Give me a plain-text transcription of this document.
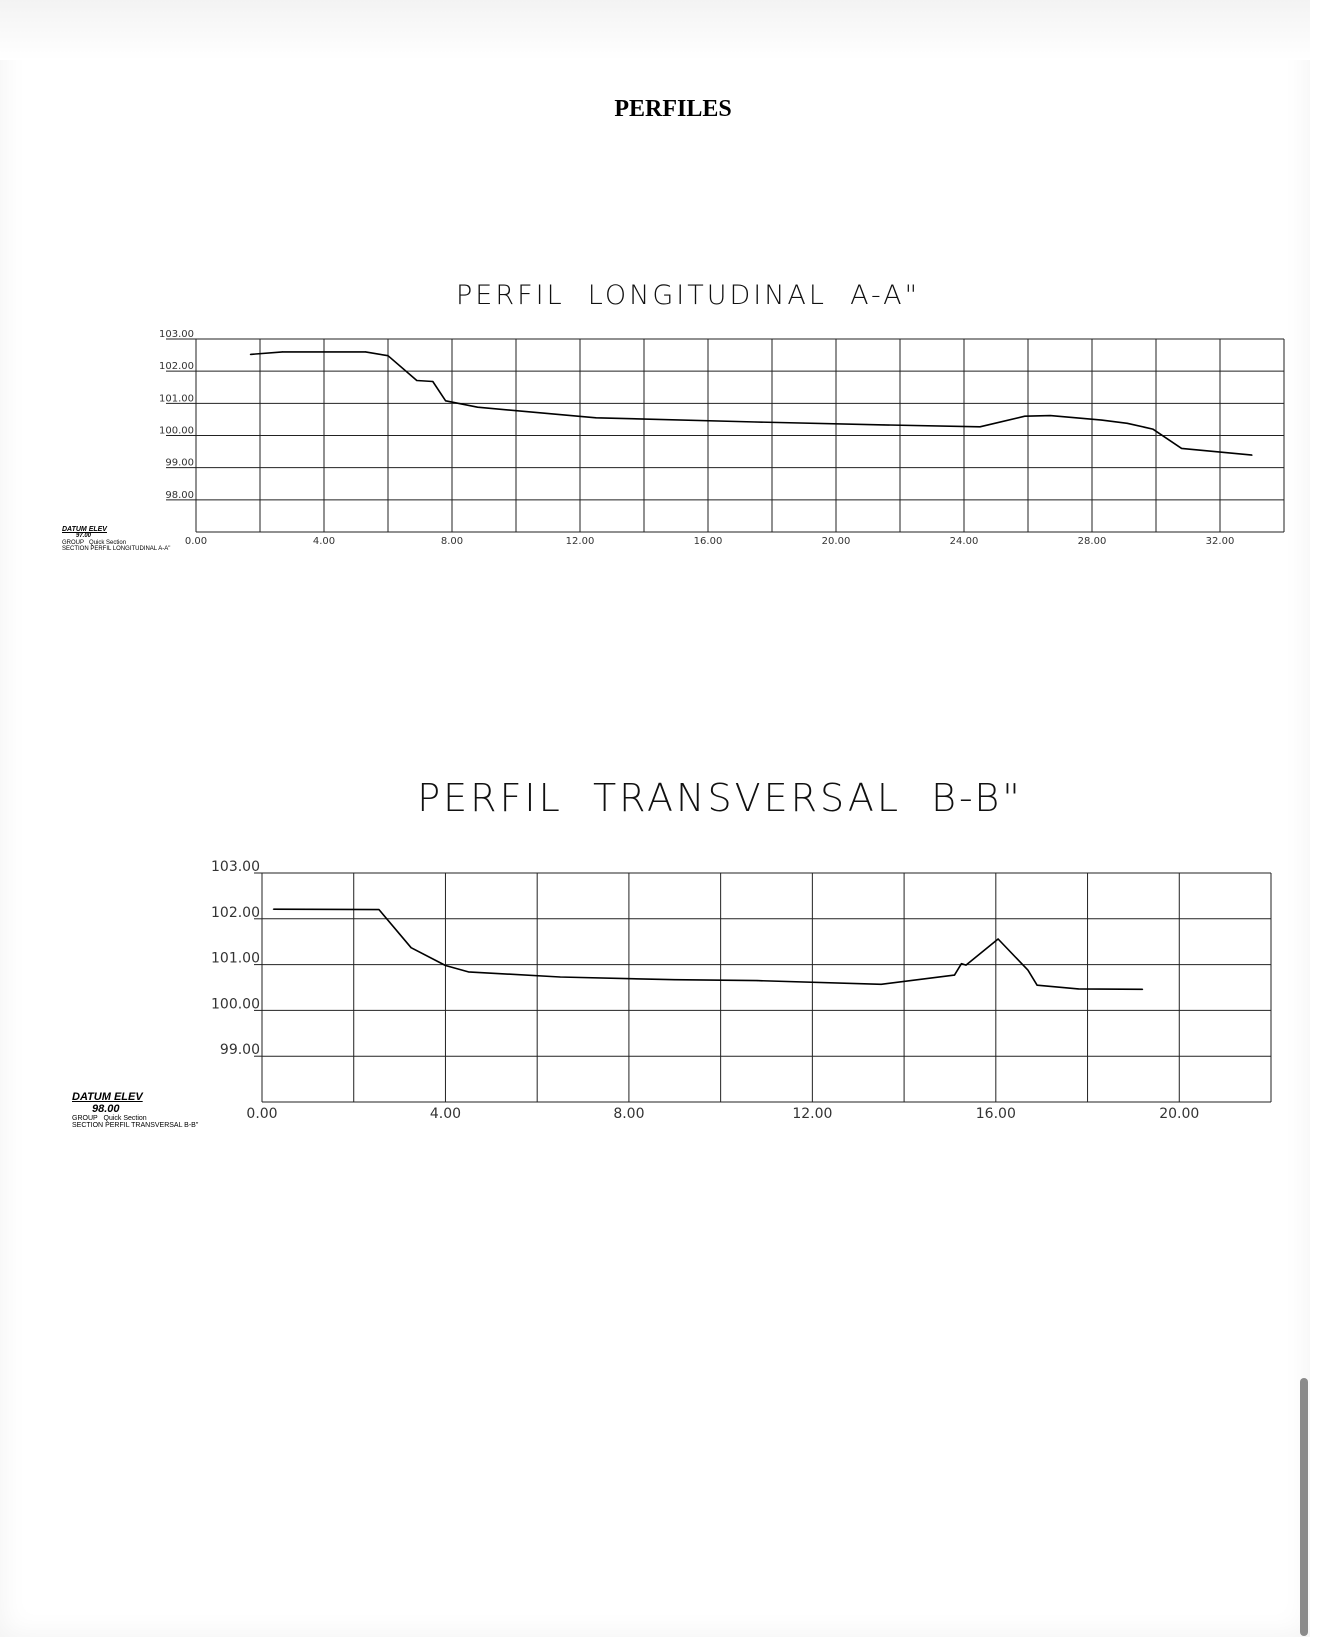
PERFILES
PERFIL  LONGITUDINAL  A-A"
98.00
99.00
100.00
101.00
102.00
103.00
0.00	4.00	8.00	12.00	16.00	20.00	24.00	28.00	32.00
DATUM ELEV
97.00
GROUP Quick Section
SECTION PERFIL LONGITUDINAL A-A"
PERFIL  TRANSVERSAL  B-B"
99.00
100.00
101.00
102.00
103.00
0.00	4.00	8.00	12.00	16.00	20.00
DATUM ELEV
98.00
GROUP Quick Section
SECTION PERFIL TRANSVERSAL B-B"
